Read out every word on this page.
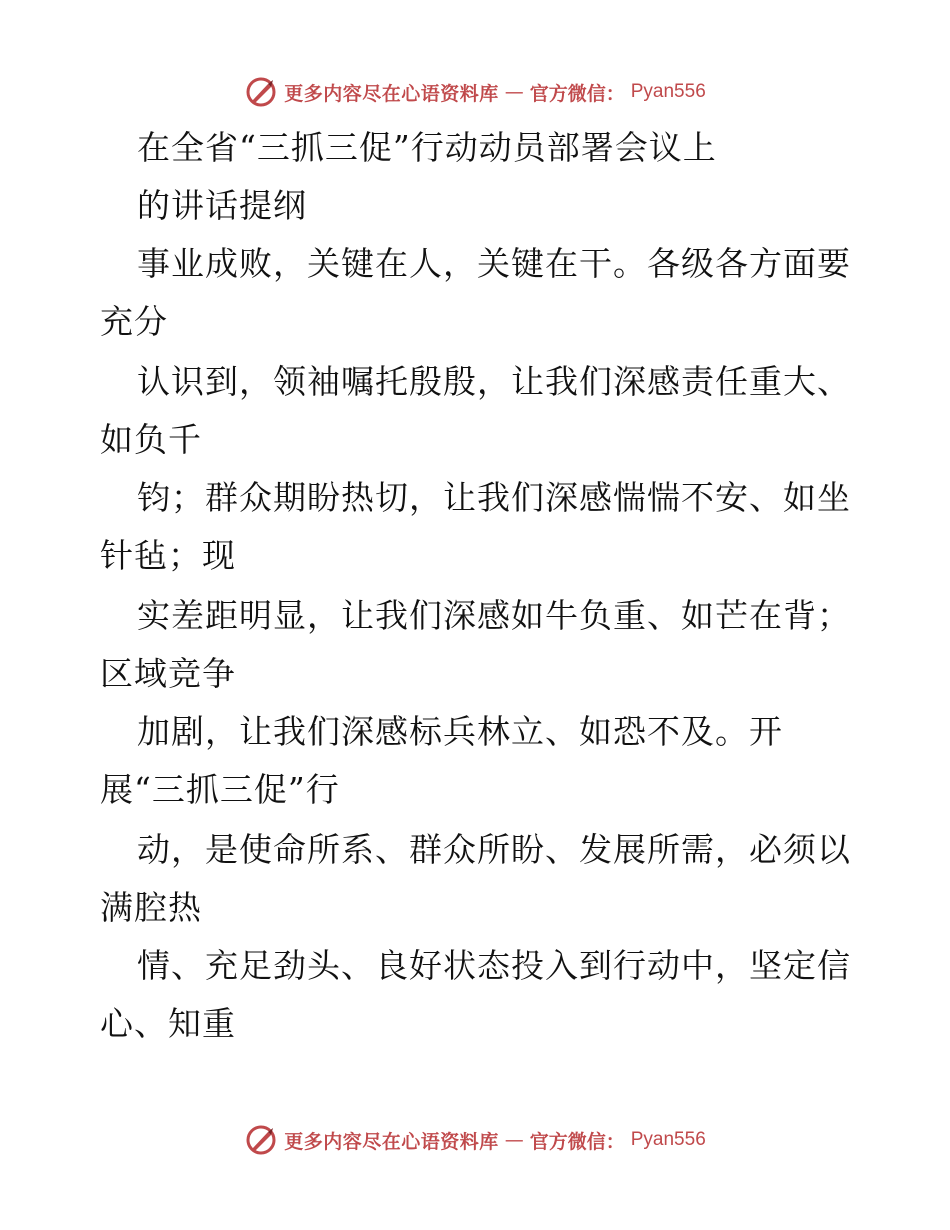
更多内容尽在心语资料库 — 官方微信： Pyan556
在全省“三抓三促”行动动员部署会议上
的讲话提纲
事业成败，关键在人，关键在干。各级各方面要
充分
认识到，领袖嘱托殷殷，让我们深感责任重大、
如负千
钧；群众期盼热切，让我们深感惴惴不安、如坐
针毡；现
实差距明显，让我们深感如牛负重、如芒在背；
区域竞争
加剧，让我们深感标兵林立、如恐不及。开
展“三抓三促”行
动，是使命所系、群众所盼、发展所需，必须以
满腔热
情、充足劲头、良好状态投入到行动中，坚定信
心、知重
更多内容尽在心语资料库 — 官方微信： Pyan556
